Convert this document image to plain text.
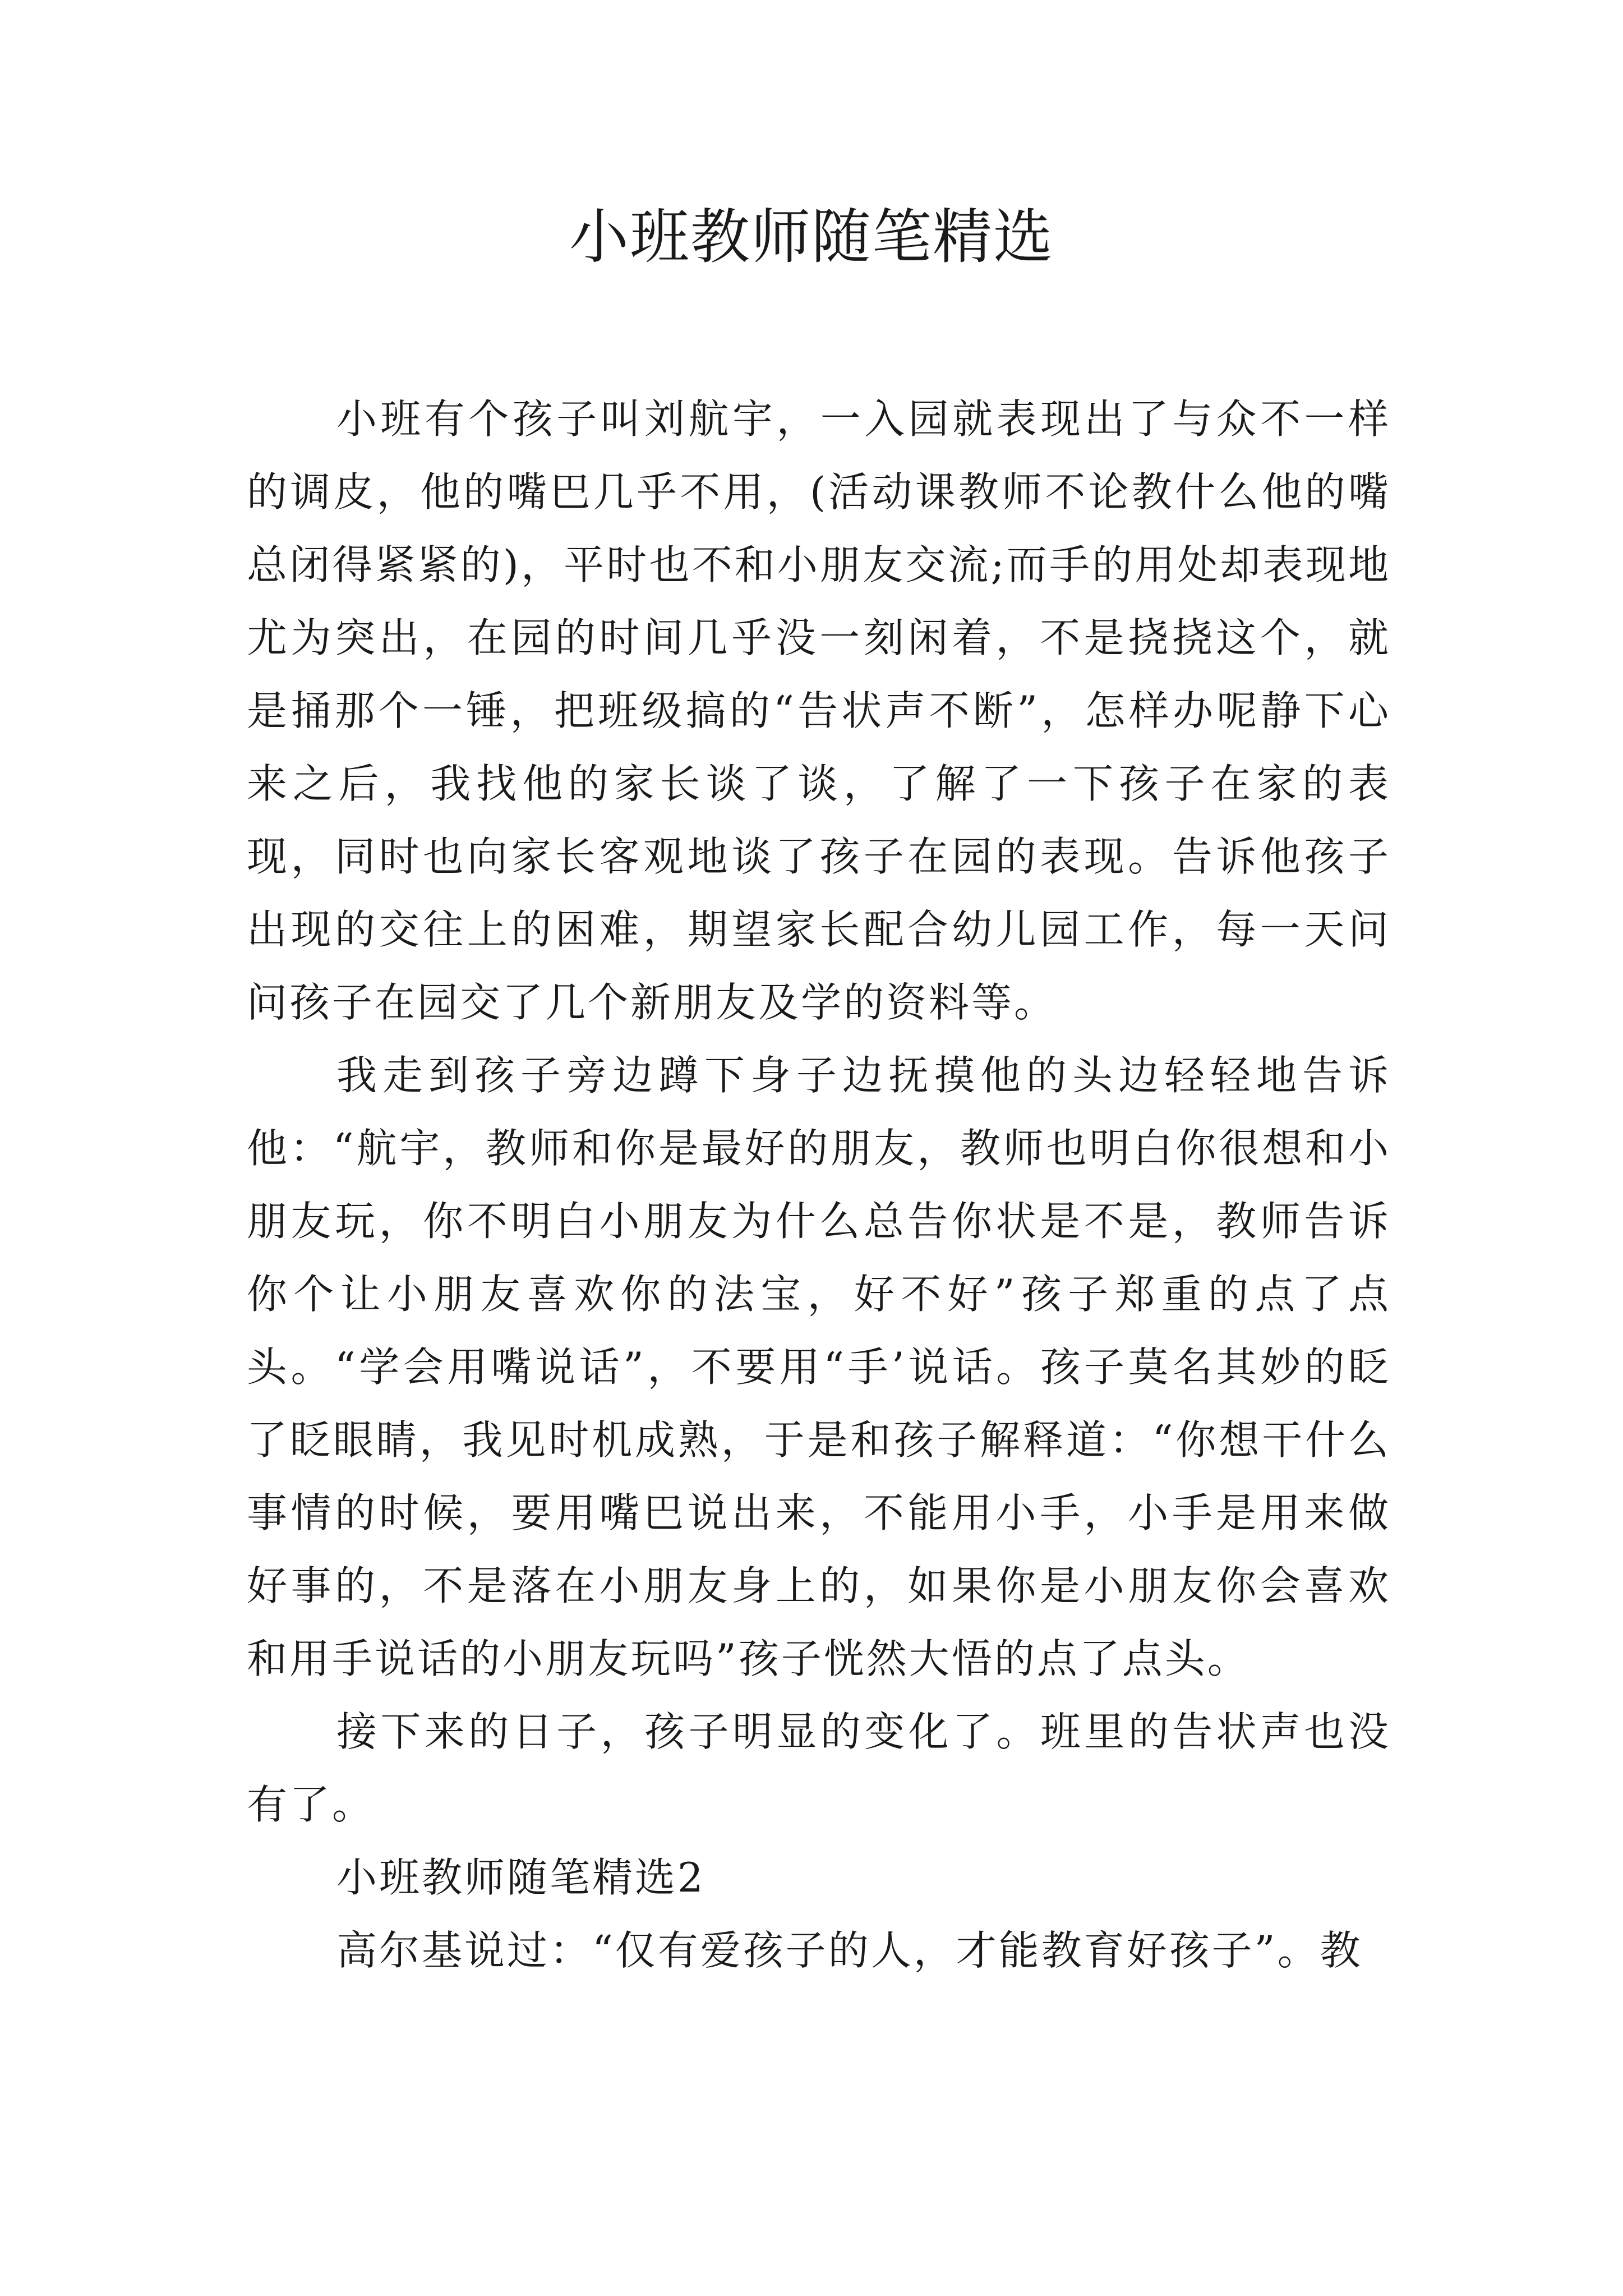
小班教师随笔精选

小班有个孩子叫刘航宇，一入园就表现出了与众不一样的调皮，他的嘴巴几乎不用，(活动课教师不论教什么他的嘴总闭得紧紧的)，平时也不和小朋友交流;而手的用处却表现地尤为突出，在园的时间几乎没一刻闲着，不是挠挠这个，就是捅那个一锤，把班级搞的“告状声不断”，怎样办呢静下心来之后，我找他的家长谈了谈，了解了一下孩子在家的表现，同时也向家长客观地谈了孩子在园的表现。告诉他孩子出现的交往上的困难，期望家长配合幼儿园工作，每一天问问孩子在园交了几个新朋友及学的资料等。

我走到孩子旁边蹲下身子边抚摸他的头边轻轻地告诉他：“航宇，教师和你是最好的朋友，教师也明白你很想和小朋友玩，你不明白小朋友为什么总告你状是不是，教师告诉你个让小朋友喜欢你的法宝，好不好”孩子郑重的点了点头。“学会用嘴说话”，不要用“手’说话。孩子莫名其妙的眨了眨眼睛，我见时机成熟，于是和孩子解释道：“你想干什么事情的时候，要用嘴巴说出来，不能用小手，小手是用来做好事的，不是落在小朋友身上的，如果你是小朋友你会喜欢和用手说话的小朋友玩吗”孩子恍然大悟的点了点头。

接下来的日子，孩子明显的变化了。班里的告状声也没有了。

小班教师随笔精选2

高尔基说过：“仅有爱孩子的人，才能教育好孩子”。教
